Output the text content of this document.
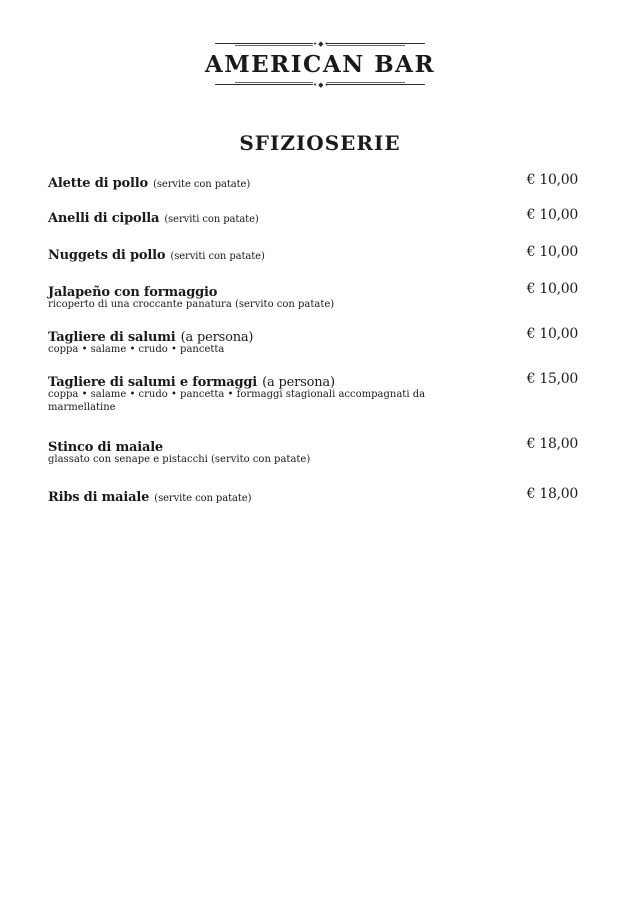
•◆•
AMERICAN BAR
•◆•
SFIZIOSERIE
Alette di pollo (servite con patate)	€ 10,00
Anelli di cipolla (serviti con patate)	€ 10,00
Nuggets di pollo (serviti con patate)	€ 10,00
Jalapeño con formaggio	€ 10,00
ricoperto di una croccante panatura (servito con patate)
Tagliere di salumi (a persona)	€ 10,00
coppa • salame • crudo • pancetta
Tagliere di salumi e formaggi (a persona)	€ 15,00
coppa • salame • crudo • pancetta • formaggi stagionali accompagnati da marmellatine
Stinco di maiale	€ 18,00
glassato con senape e pistacchi (servito con patate)
Ribs di maiale (servite con patate)	€ 18,00
